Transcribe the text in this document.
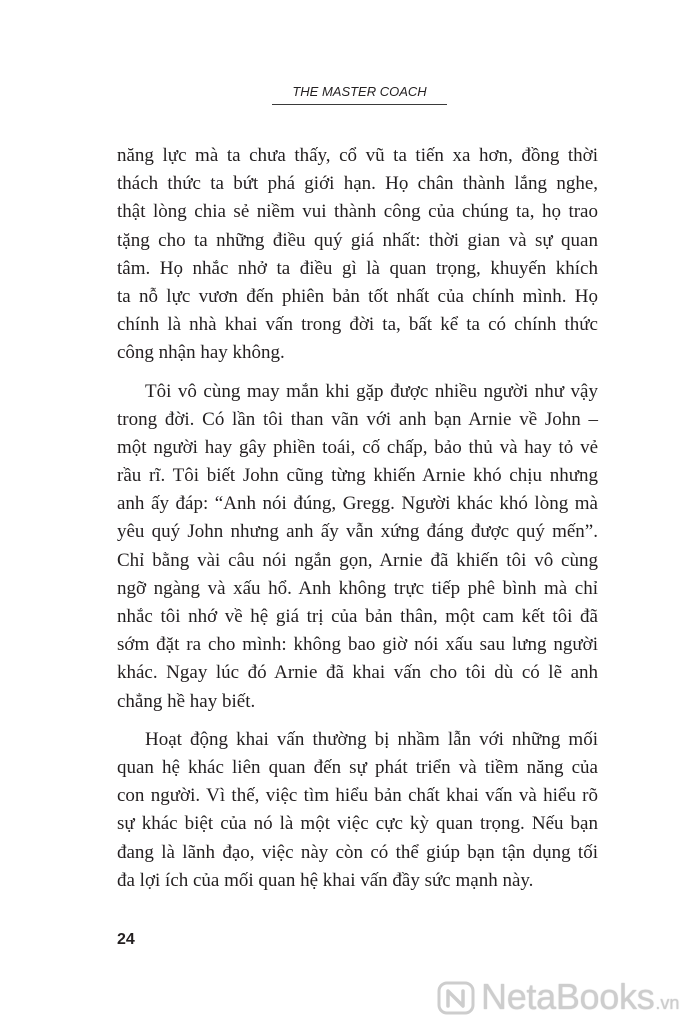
THE MASTER COACH
năng lực mà ta chưa thấy, cổ vũ ta tiến xa hơn, đồng thời
thách thức ta bứt phá giới hạn. Họ chân thành lắng nghe,
thật lòng chia sẻ niềm vui thành công của chúng ta, họ trao
tặng cho ta những điều quý giá nhất: thời gian và sự quan
tâm. Họ nhắc nhở ta điều gì là quan trọng, khuyến khích
ta nỗ lực vươn đến phiên bản tốt nhất của chính mình. Họ
chính là nhà khai vấn trong đời ta, bất kể ta có chính thức
công nhận hay không.
Tôi vô cùng may mắn khi gặp được nhiều người như vậy
trong đời. Có lần tôi than vãn với anh bạn Arnie về John –
một người hay gây phiền toái, cố chấp, bảo thủ và hay tỏ vẻ
rầu rĩ. Tôi biết John cũng từng khiến Arnie khó chịu nhưng
anh ấy đáp: “Anh nói đúng, Gregg. Người khác khó lòng mà
yêu quý John nhưng anh ấy vẫn xứng đáng được quý mến”.
Chỉ bằng vài câu nói ngắn gọn, Arnie đã khiến tôi vô cùng
ngỡ ngàng và xấu hổ. Anh không trực tiếp phê bình mà chỉ
nhắc tôi nhớ về hệ giá trị của bản thân, một cam kết tôi đã
sớm đặt ra cho mình: không bao giờ nói xấu sau lưng người
khác. Ngay lúc đó Arnie đã khai vấn cho tôi dù có lẽ anh
chẳng hề hay biết.
Hoạt động khai vấn thường bị nhầm lẫn với những mối
quan hệ khác liên quan đến sự phát triển và tiềm năng của
con người. Vì thế, việc tìm hiểu bản chất khai vấn và hiểu rõ
sự khác biệt của nó là một việc cực kỳ quan trọng. Nếu bạn
đang là lãnh đạo, việc này còn có thể giúp bạn tận dụng tối
đa lợi ích của mối quan hệ khai vấn đầy sức mạnh này.
24
NetaBooks.vn
